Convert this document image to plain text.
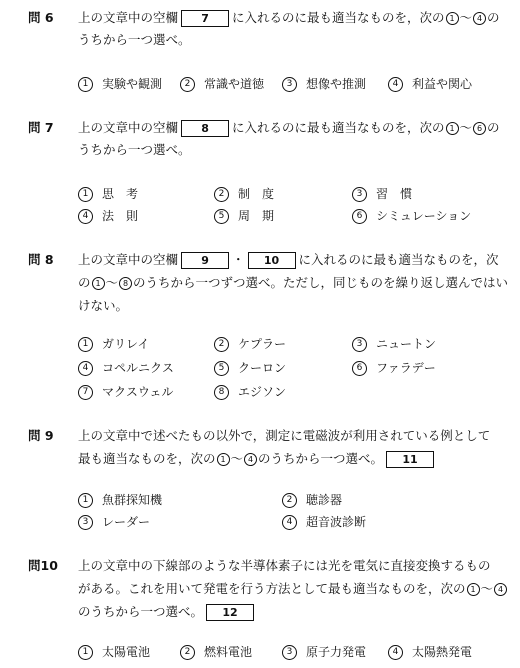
問 6 上の文章中の空欄 7 に入れるのに最も適当なものを，次の 1 〜 4 の
うちから一つ選べ。
1 実験や観測	2 常識や道徳	3 想像や推測	4 利益や関心
問 7 上の文章中の空欄 8 に入れるのに最も適当なものを，次の 1 〜 6 の
うちから一つ選べ。
1 思　考	2 制　度	3 習　慣
4 法　則	5 周　期	6 シミュレーション
問 8 上の文章中の空欄 9 ・ 10 に入れるのに最も適当なものを，次
の 1 〜 8 のうちから一つずつ選べ。ただし，同じものを繰り返し選んではい
けない。
1 ガリレイ	2 ケプラー	3 ニュートン
4 コペルニクス	5 クーロン	6 ファラデー
7 マクスウェル	8 エジソン
問 9 上の文章中で述べたもの以外で，測定に電磁波が利用されている例として
最も適当なものを，次の 1 〜 4 のうちから一つ選べ。 11
1 魚群探知機	2 聴診器
3 レーダー	4 超音波診断
問10 上の文章中の下線部のような半導体素子には光を電気に直接変換するもの
がある。これを用いて発電を行う方法として最も適当なものを，次の 1 〜 4
のうちから一つ選べ。 12
1 太陽電池	2 燃料電池	3 原子力発電	4 太陽熱発電
